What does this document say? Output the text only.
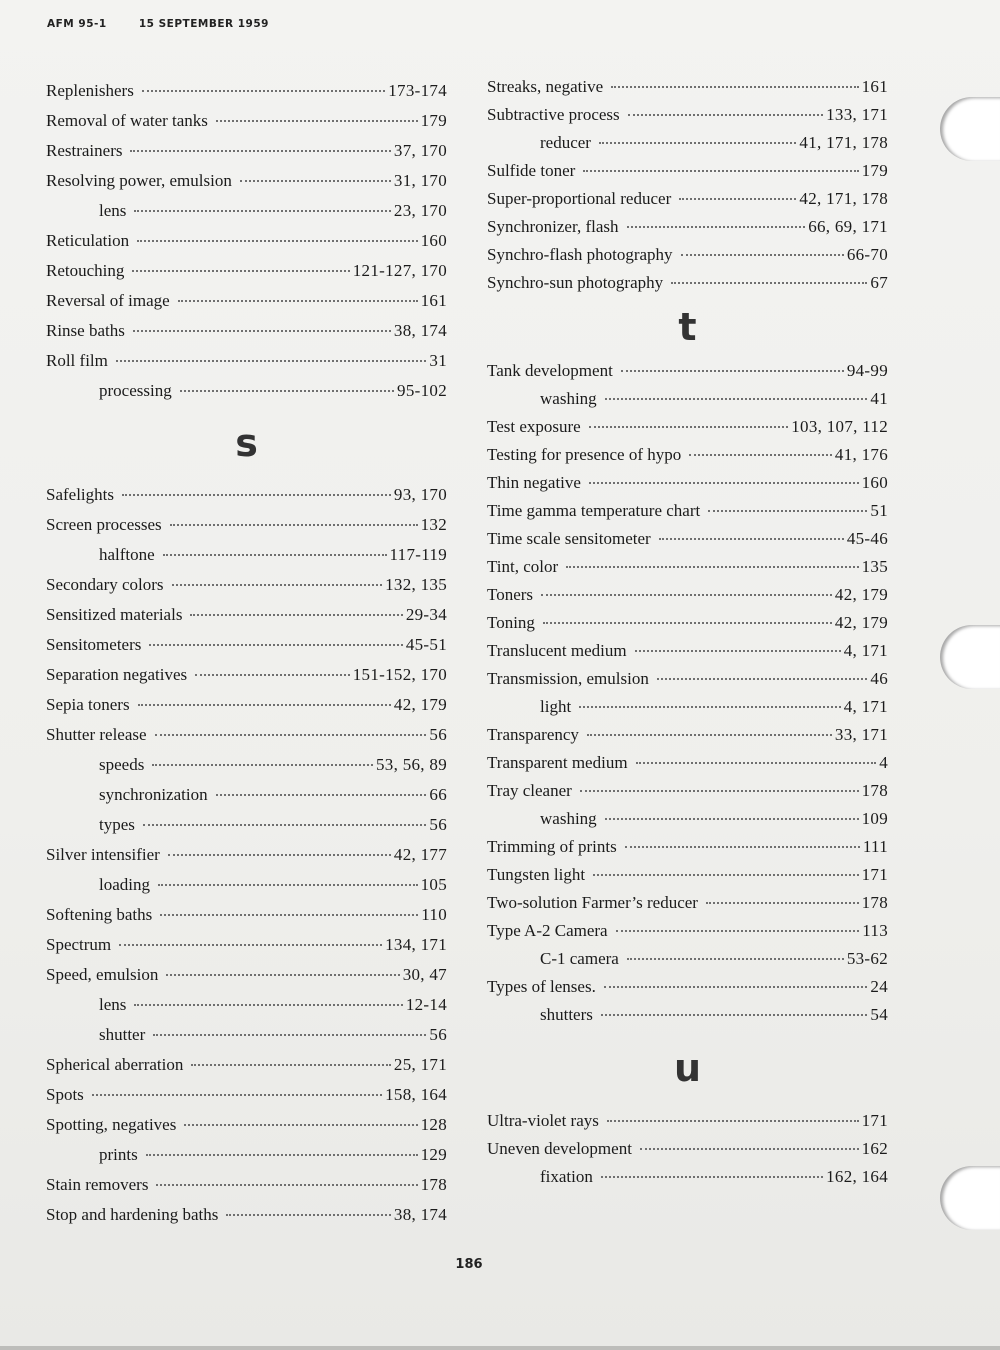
AFM 95-1	15 SEPTEMBER 1959
Replenishers	173-174
Removal of water tanks	179
Restrainers	37, 170
Resolving power, emulsion	31, 170
lens	23, 170
Reticulation	160
Retouching	121-127, 170
Reversal of image	161
Rinse baths	38, 174
Roll film	31
processing	95-102
s
Safelights	93, 170
Screen processes	132
halftone	117-119
Secondary colors	132, 135
Sensitized materials	29-34
Sensitometers	45-51
Separation negatives	151-152, 170
Sepia toners	42, 179
Shutter release	56
speeds	53, 56, 89
synchronization	66
types	56
Silver intensifier	42, 177
loading	105
Softening baths	110
Spectrum	134, 171
Speed, emulsion	30, 47
lens	12-14
shutter	56
Spherical aberration	25, 171
Spots	158, 164
Spotting, negatives	128
prints	129
Stain removers	178
Stop and hardening baths	38, 174
Streaks, negative	161
Subtractive process	133, 171
reducer	41, 171, 178
Sulfide toner	179
Super-proportional reducer	42, 171, 178
Synchronizer, flash	66, 69, 171
Synchro-flash photography	66-70
Synchro-sun photography	67
t
Tank development	94-99
washing	41
Test exposure	103, 107, 112
Testing for presence of hypo	41, 176
Thin negative	160
Time gamma temperature chart	51
Time scale sensitometer	45-46
Tint, color	135
Toners	42, 179
Toning	42, 179
Translucent medium	4, 171
Transmission, emulsion	46
light	4, 171
Transparency	33, 171
Transparent medium	4
Tray cleaner	178
washing	109
Trimming of prints	111
Tungsten light	171
Two-solution Farmer’s reducer	178
Type A-2 Camera	113
C-1 camera	53-62
Types of lenses.	24
shutters	54
u
Ultra-violet rays	171
Uneven development	162
fixation	162, 164
186
